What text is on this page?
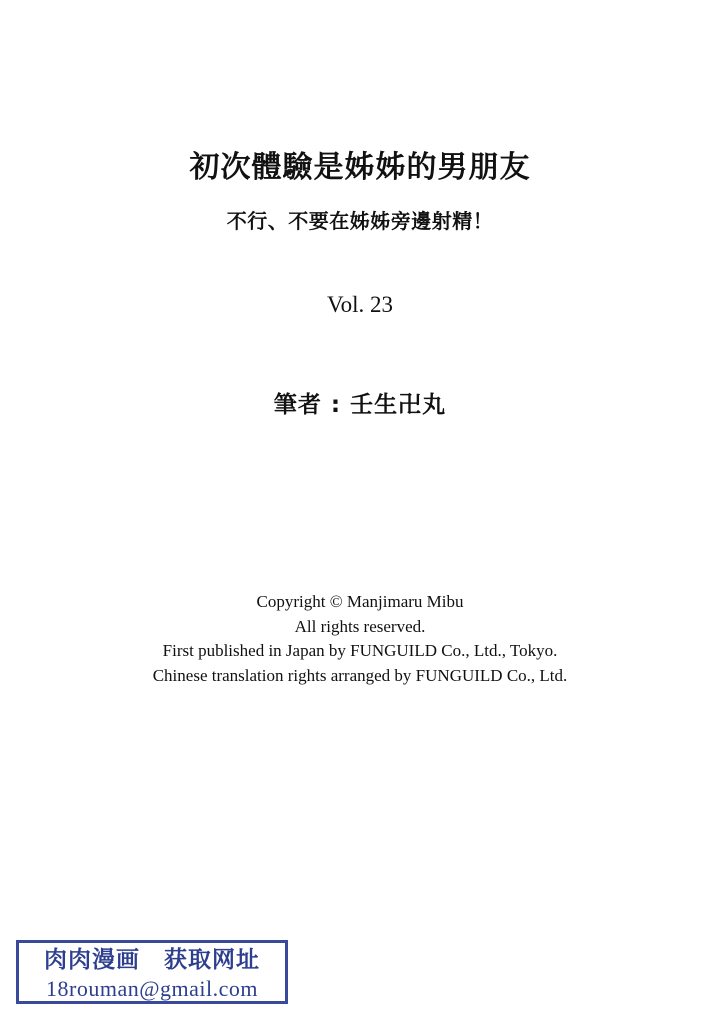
初次體驗是姊姊的男朋友
不行、不要在姊姊旁邊射精！
Vol. 23
筆者 : 壬生卍丸
Copyright © Manjimaru Mibu
All rights reserved.
First published in Japan by FUNGUILD Co., Ltd., Tokyo.
Chinese translation rights arranged by FUNGUILD Co., Ltd.
肉肉漫画　获取网址
18rouman@gmail.com
